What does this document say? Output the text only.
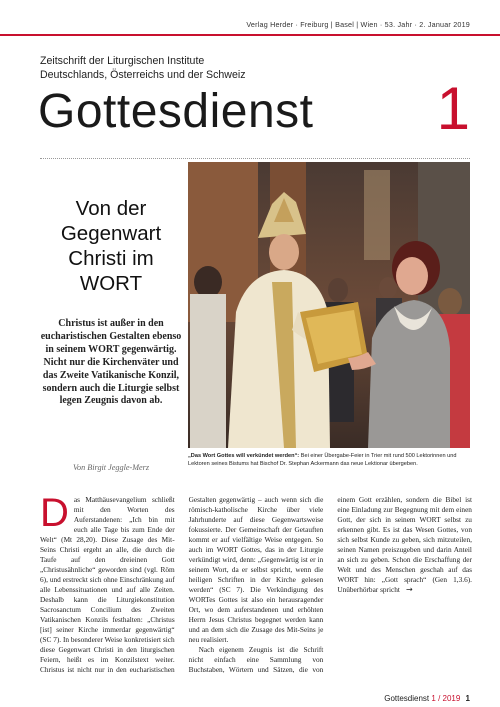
Verlag Herder · Freiburg | Basel | Wien · 53. Jahr · 2. Januar 2019
Zeitschrift der Liturgischen Institute
Deutschlands, Österreichs und der Schweiz
Gottesdienst 1
Von der Gegenwart Christi im WORT
Christus ist außer in den eucharistischen Gestalten ebenso in seinem WORT gegenwärtig. Nicht nur die Kirchenväter und das Zweite Vatikanische Konzil, sondern auch die Liturgie selbst legen Zeugnis davon ab.
Von Birgit Jeggle-Merz
„Das Wort Gottes will verkündet werden“: Bei einer Übergabe-Feier in Trier mit rund 500 Lektorinnen und Lektoren seines Bistums hat Bischof Dr. Stephan Ackermann das neue Lektionar übergeben.

Das Matthäusevangelium schließt mit den Worten des Auferstandenen: „Ich bin mit euch alle Tage bis zum Ende der Welt“ (Mt 28,20). Diese Zusage des Mit-Seins Christi ergeht an alle, die durch die Taufe auf den dreieinen Gott „Christusähnliche“ geworden sind (vgl. Röm 6), und erstreckt sich ohne Einschränkung auf alle Lebenssituationen und auf alle Zeiten. Deshalb kann die Liturgiekonstitution Sacrosanctum Concilium des Zweiten Vatikanischen Konzils festhalten: „Christus [ist] seiner Kirche immerdar gegenwärtig“ (SC 7). In besonderer Weise konkretisiert sich diese Gegenwart Christi in den liturgischen Feiern, heißt es im Konzilstext weiter. Christus ist nicht nur in den eucharistischen Gestalten gegenwärtig – auch wenn sich die römisch-katholische Kirche über viele Jahrhunderte auf diese Gegenwartsweise fokussierte. Der Gemeinschaft der Getauften kommt er auf vielfältige Weise entgegen. So auch im WORT Gottes, das in der Liturgie verkündigt wird, denn: „Gegenwärtig ist er in seinem Wort, da er selbst spricht, wenn die heiligen Schriften in der Kirche gelesen werden“ (SC 7). Die Verkündigung des WORTes Gottes ist also ein herausragender Ort, wo dem auferstandenen und erhöhten Herrn Jesus Christus begegnet werden kann und an dem sich die Zusage des Mit-Seins je neu realisiert.

Nach eigenem Zeugnis ist die Schrift nicht einfach eine Sammlung von Buchstaben, Wörtern und Sätzen, die von einem Gott erzählen, sondern die Bibel ist eine Einladung zur Begegnung mit dem einen Gott, der sich in seinem WORT selbst zu erkennen gibt. Es ist das Wesen Gottes, von sich selbst Kunde zu geben, sich mitzuteilen, seinen Namen preiszugeben und darin Anteil an sich zu geben. Schon die Erschaffung der Welt und des Menschen geschah auf das WORT hin: „Gott sprach“ (Gen 1,3.6). Unüberhörbar spricht →

Gottesdienst 1 / 2019 1
